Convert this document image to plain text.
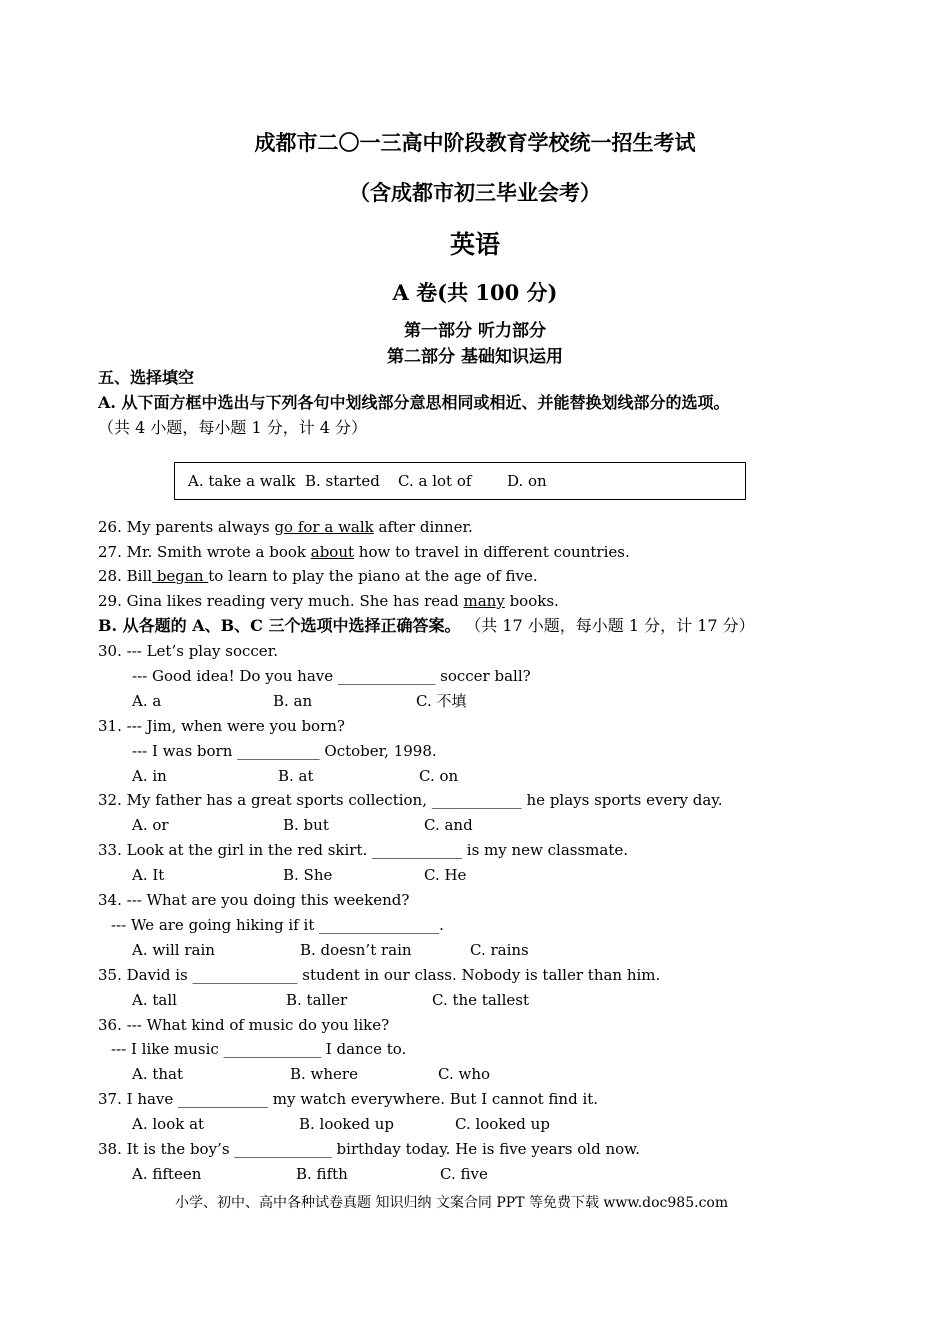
成都市二〇一三高中阶段教育学校统一招生考试
（含成都市初三毕业会考）
英语
A 卷(共 100 分)
第一部分 听力部分
第二部分 基础知识运用
五、选择填空
A. 从下面方框中选出与下列各句中划线部分意思相同或相近、并能替换划线部分的选项。
（共 4 小题，每小题 1 分，计 4 分）
A. take a walk B. started C. a lot of D. on
26. My parents always go for a walk after dinner.
27. Mr. Smith wrote a book about how to travel in different countries.
28. Bill began to learn to play the piano at the age of five.
29. Gina likes reading very much. She has read many books.
B. 从各题的 A、B、C 三个选项中选择正确答案。 （共 17 小题，每小题 1 分，计 17 分）
30. --- Let’s play soccer.
--- Good idea! Do you have _____________ soccer ball?
A. a	B. an	C. 不填
31. --- Jim, when were you born?
--- I was born ___________ October, 1998.
A. in	B. at	C. on
32. My father has a great sports collection, ____________ he plays sports every day.
A. or	B. but	C. and
33. Look at the girl in the red skirt. ____________ is my new classmate.
A. It	B. She	C. He
34. --- What are you doing this weekend?
--- We are going hiking if it ________________.
A. will rain	B. doesn’t rain	C. rains
35. David is ______________ student in our class. Nobody is taller than him.
A. tall	B. taller	C. the tallest
36. --- What kind of music do you like?
--- I like music _____________ I dance to.
A. that	B. where	C. who
37. I have ____________ my watch everywhere. But I cannot find it.
A. look at	B. looked up	C. looked up
38. It is the boy’s _____________ birthday today. He is five years old now.
A. fifteen	B. fifth	C. five
小学、初中、高中各种试卷真题 知识归纳 文案合同 PPT 等免费下载 www.doc985.com
